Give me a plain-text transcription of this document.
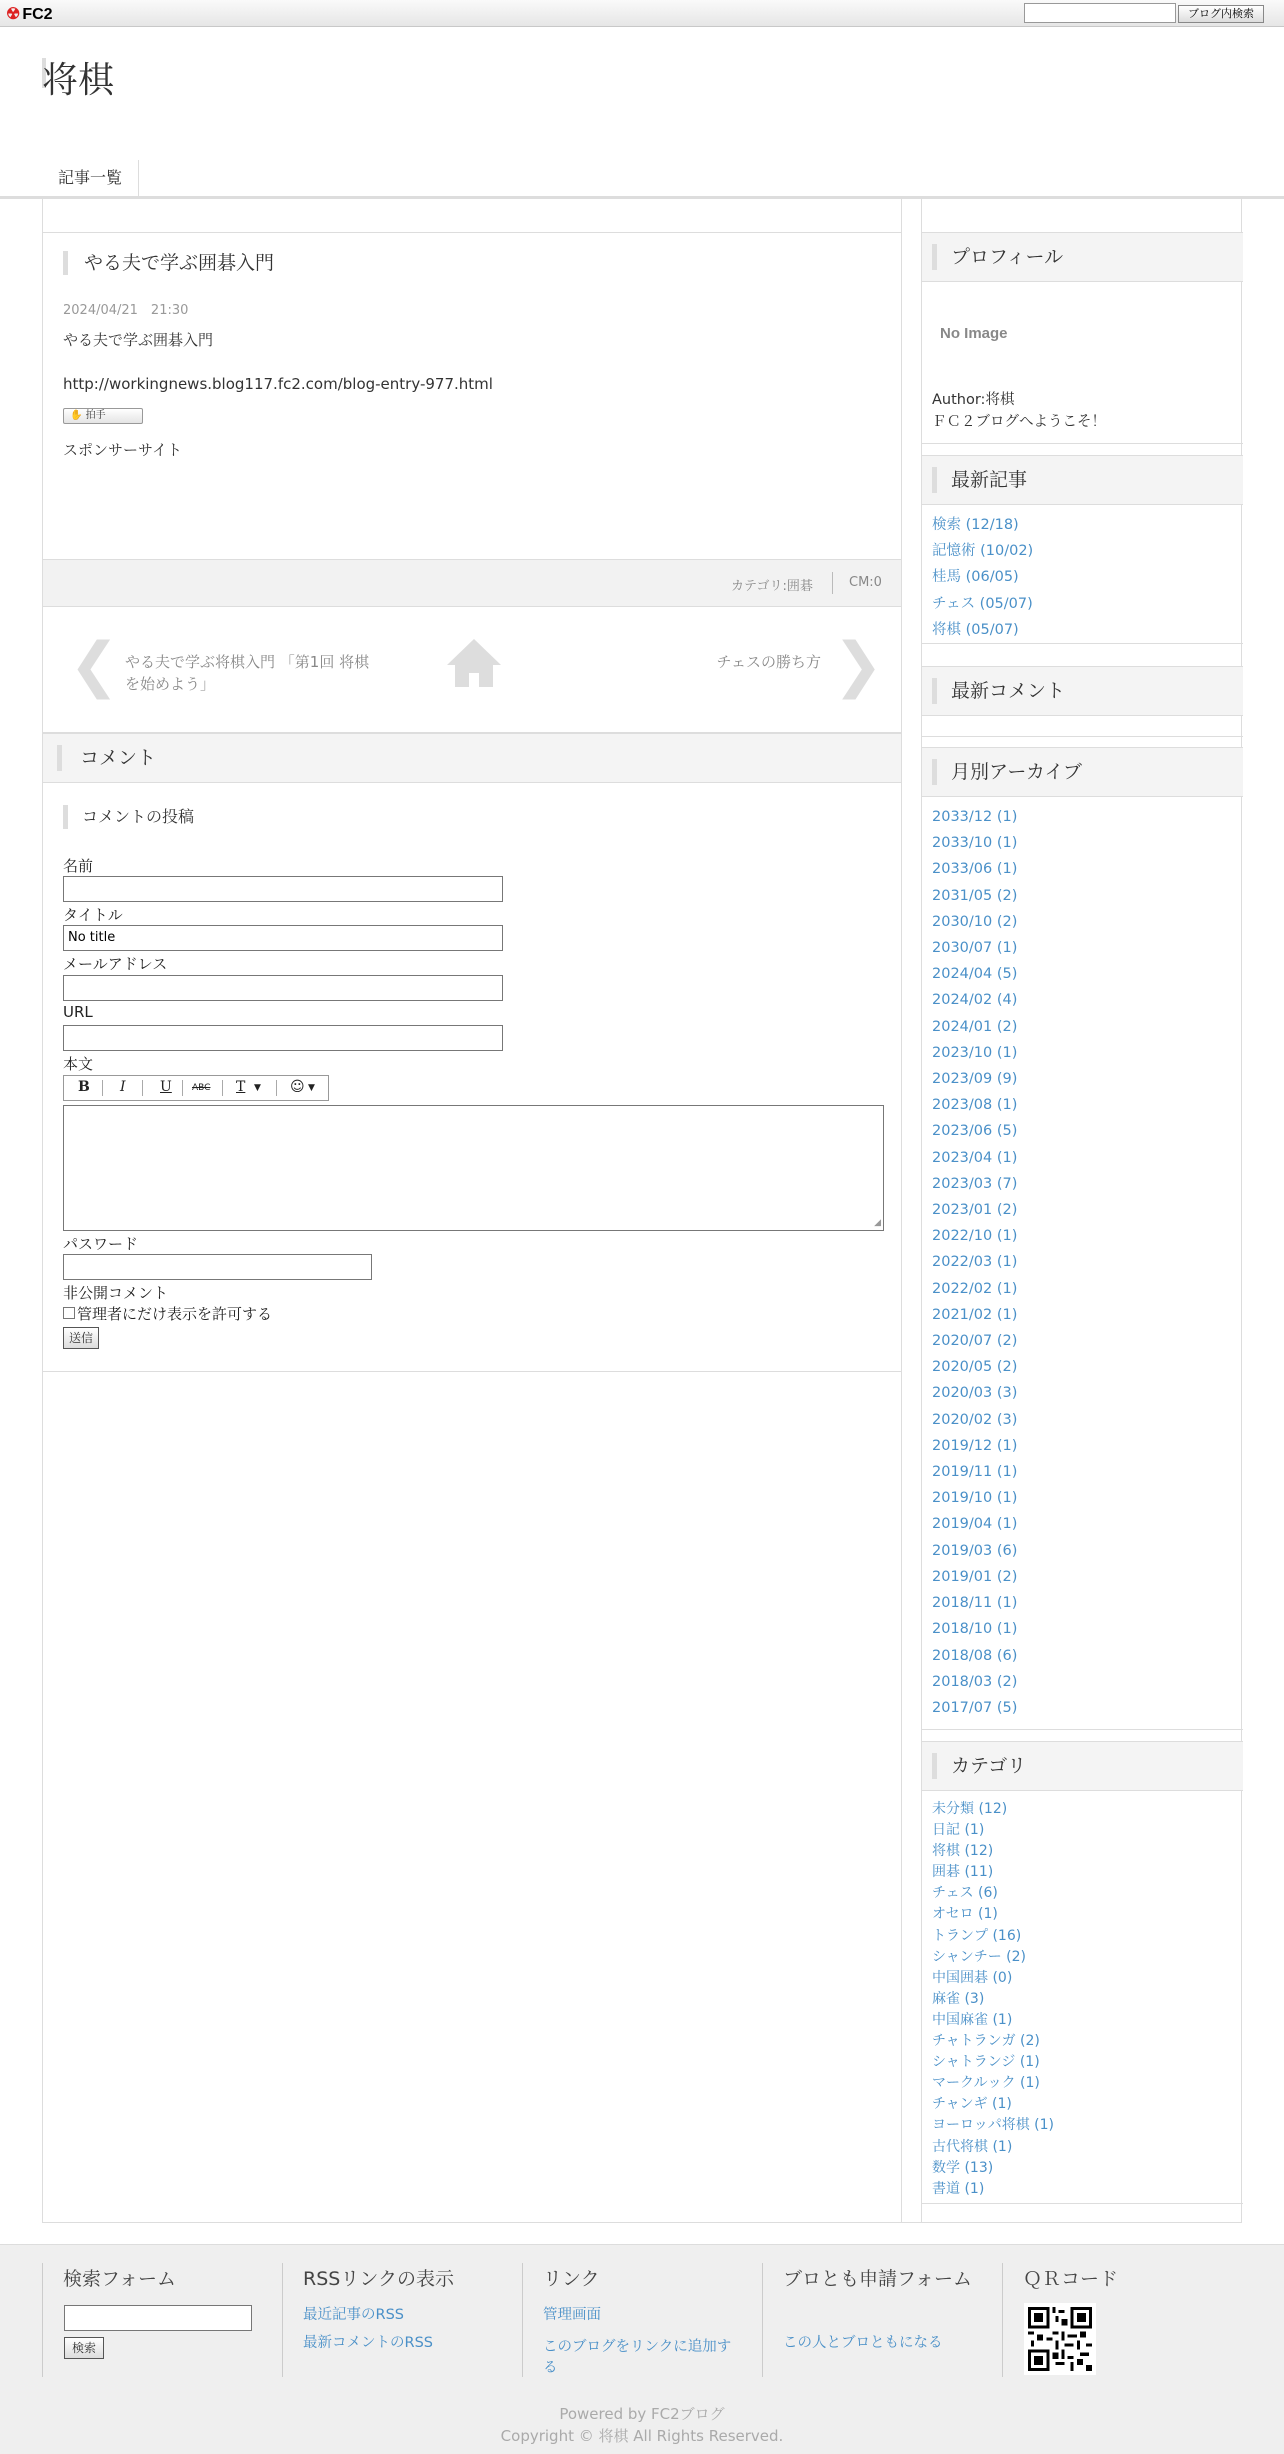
☢ FC2	ブログ内検索
将棋
記事一覧
やる夫で学ぶ囲碁入門
2024/04/21　21:30
やる夫で学ぶ囲碁入門
http://workingnews.blog117.fc2.com/blog-entry-977.html
✋ 拍手
スポンサーサイト
カテゴリ:囲碁	CM:0
❮ やる夫で学ぶ将棋入門 「第1回 将棋を始めよう」
チェスの勝ち方 ❯
コメント
コメントの投稿
名前
タイトル
No title
メールアドレス
URL
本文
B I U ABC T ▼ ☺ ▼
◢
パスワード
非公開コメント
管理者にだけ表示を許可する
送信
プロフィール
No Image
Author:将棋
ＦＣ２ブログへようこそ！
最新記事
検索 (12/18)
記憶術 (10/02)
桂馬 (06/05)
チェス (05/07)
将棋 (05/07)
最新コメント
月別アーカイブ
2033/12 (1)
2033/10 (1)
2033/06 (1)
2031/05 (2)
2030/10 (2)
2030/07 (1)
2024/04 (5)
2024/02 (4)
2024/01 (2)
2023/10 (1)
2023/09 (9)
2023/08 (1)
2023/06 (5)
2023/04 (1)
2023/03 (7)
2023/01 (2)
2022/10 (1)
2022/03 (1)
2022/02 (1)
2021/02 (1)
2020/07 (2)
2020/05 (2)
2020/03 (3)
2020/02 (3)
2019/12 (1)
2019/11 (1)
2019/10 (1)
2019/04 (1)
2019/03 (6)
2019/01 (2)
2018/11 (1)
2018/10 (1)
2018/08 (6)
2018/03 (2)
2017/07 (5)
カテゴリ
未分類 (12)
日記 (1)
将棋 (12)
囲碁 (11)
チェス (6)
オセロ (1)
トランプ (16)
シャンチー (2)
中国囲碁 (0)
麻雀 (3)
中国麻雀 (1)
チャトランガ (2)
シャトランジ (1)
マークルック (1)
チャンギ (1)
ヨーロッパ将棋 (1)
古代将棋 (1)
数学 (13)
書道 (1)
検索フォーム
検索
RSSリンクの表示
最近記事のRSS
最新コメントのRSS
リンク
管理画面
このブログをリンクに追加する
ブロとも申請フォーム
この人とブロともになる
ＱＲコード
Powered by FC2ブログ
Copyright © 将棋 All Rights Reserved.
